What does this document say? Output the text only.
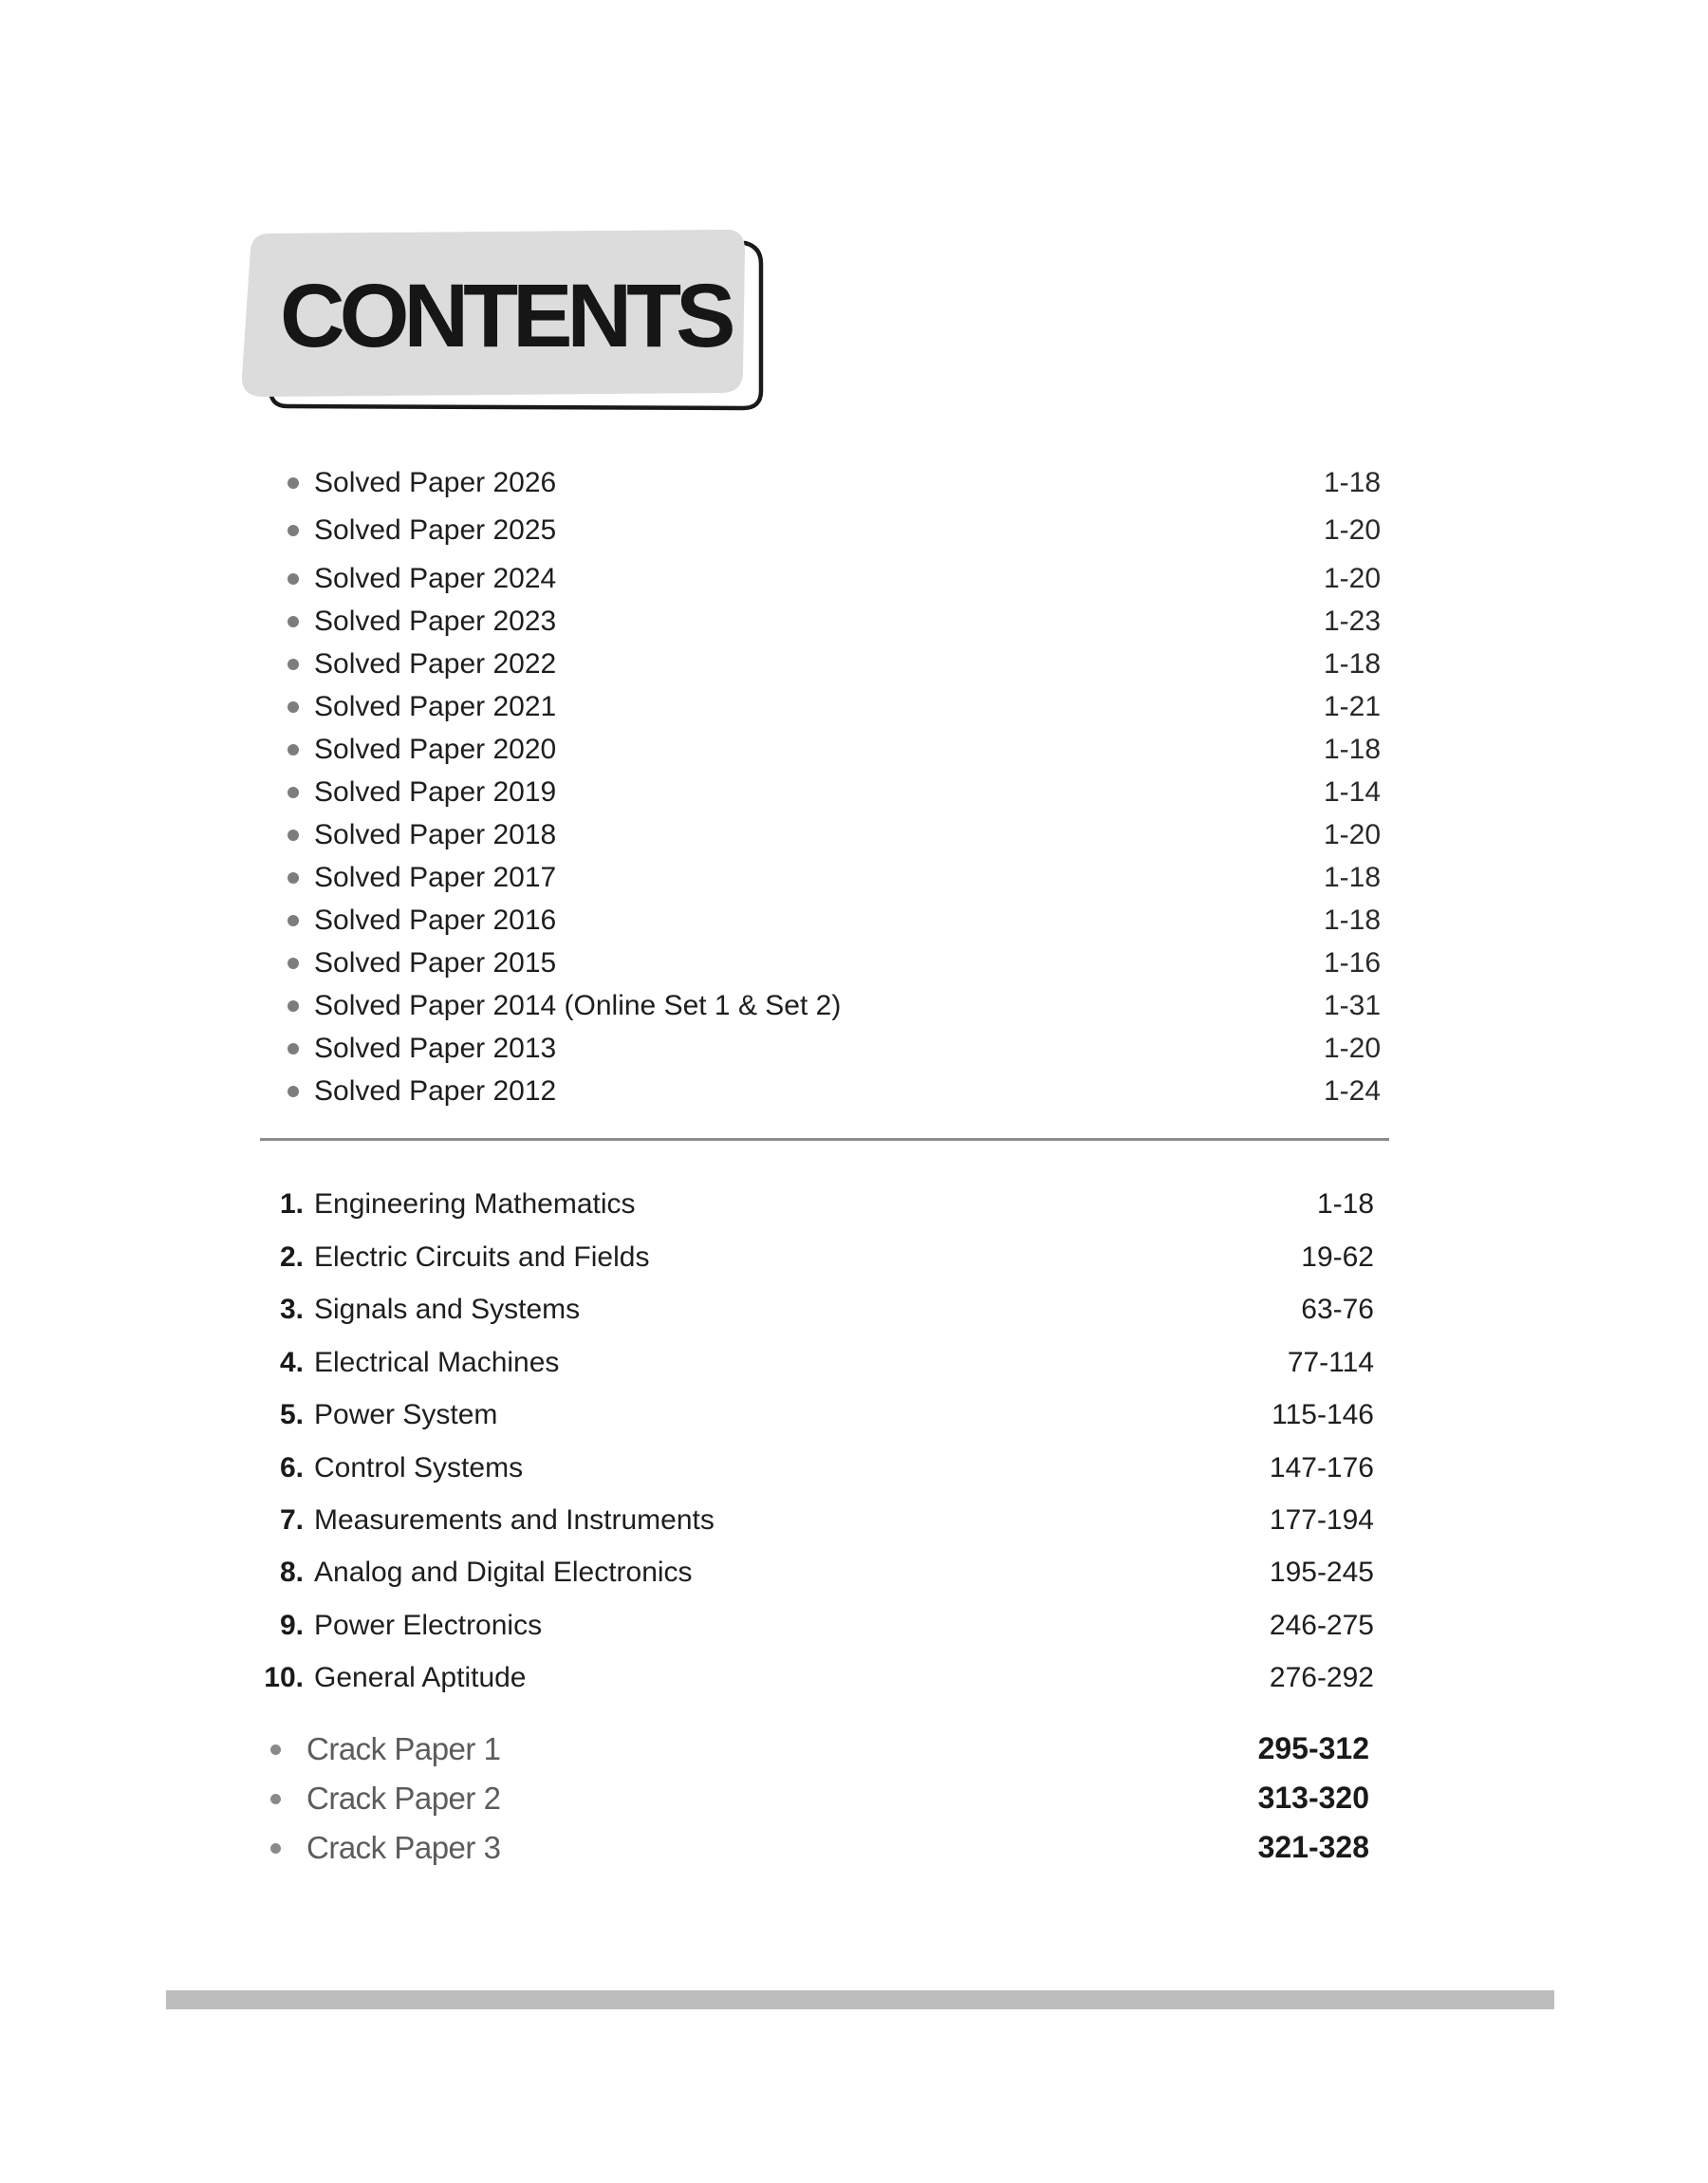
CONTENTS
Solved Paper 2026	1-18
Solved Paper 2025	1-20
Solved Paper 2024	1-20
Solved Paper 2023	1-23
Solved Paper 2022	1-18
Solved Paper 2021	1-21
Solved Paper 2020	1-18
Solved Paper 2019	1-14
Solved Paper 2018	1-20
Solved Paper 2017	1-18
Solved Paper 2016	1-18
Solved Paper 2015	1-16
Solved Paper 2014 (Online Set 1 & Set 2)	1-31
Solved Paper 2013	1-20
Solved Paper 2012	1-24
1. Engineering Mathematics	1-18
2. Electric Circuits and Fields	19-62
3. Signals and Systems	63-76
4. Electrical Machines	77-114
5. Power System	115-146
6. Control Systems	147-176
7. Measurements and Instruments	177-194
8. Analog and Digital Electronics	195-245
9. Power Electronics	246-275
10. General Aptitude	276-292
Crack Paper 1	295-312
Crack Paper 2	313-320
Crack Paper 3	321-328
